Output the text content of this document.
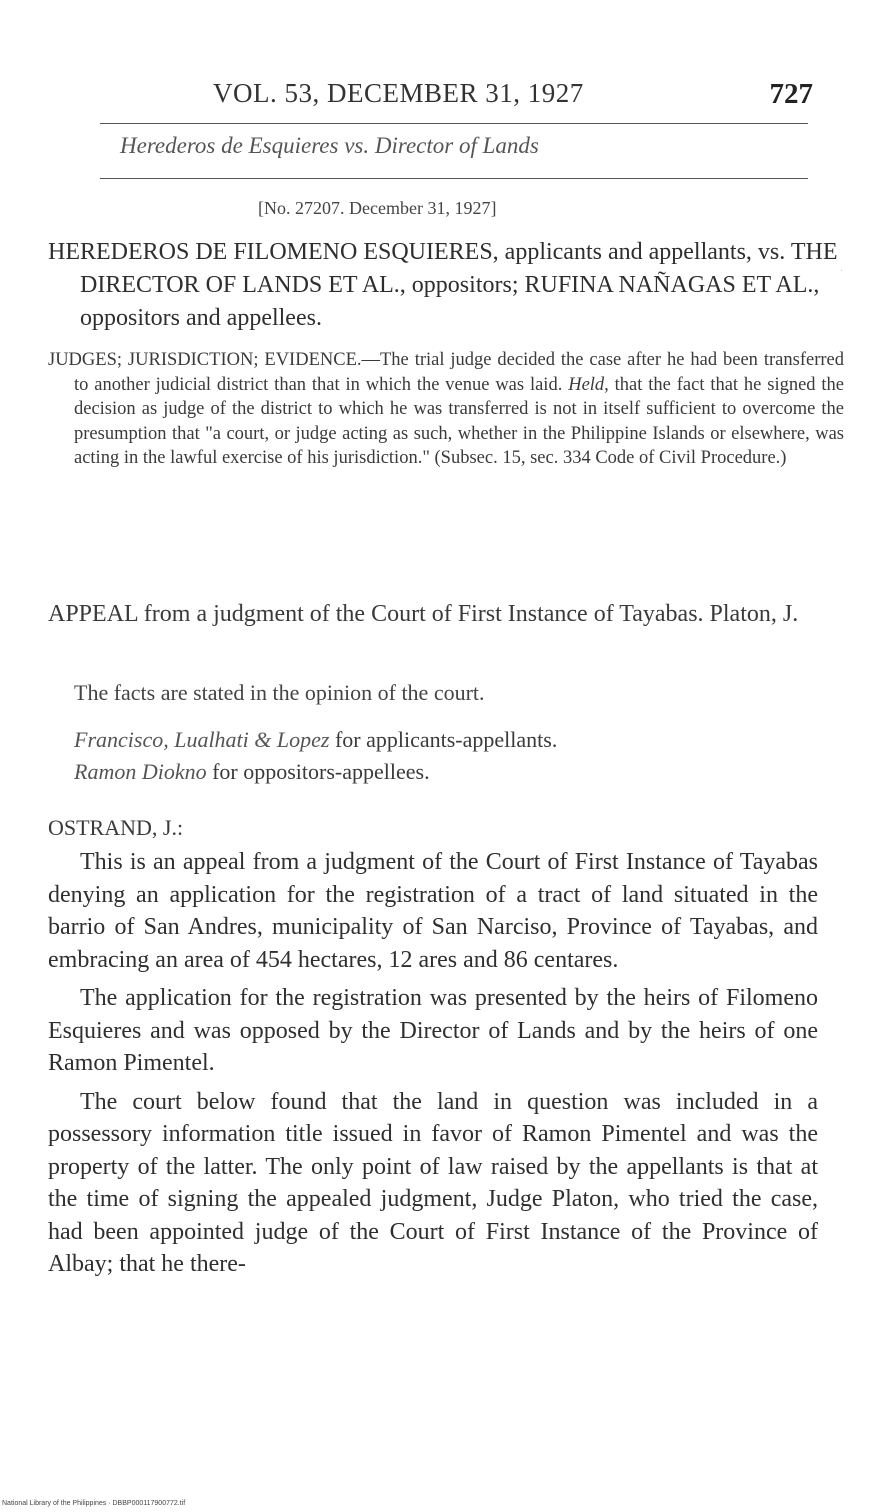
VOL. 53, DECEMBER 31, 1927	727
Herederos de Esquieres vs. Director of Lands
[No. 27207. December 31, 1927]
HEREDEROS DE FILOMENO ESQUIERES, applicants and appellants, vs. THE DIRECTOR OF LANDS ET AL., oppositors; RUFINA NAÑAGAS ET AL., oppositors and appellees.
·
JUDGES; JURISDICTION; EVIDENCE.—The trial judge decided the case after he had been transferred to another judicial district than that in which the venue was laid. Held, that the fact that he signed the decision as judge of the district to which he was transferred is not in itself sufficient to overcome the presumption that "a court, or judge acting as such, whether in the Philippine Islands or elsewhere, was acting in the lawful exercise of his jurisdiction." (Subsec. 15, sec. 334 Code of Civil Procedure.)
APPEAL from a judgment of the Court of First Instance of Tayabas. Platon, J.
The facts are stated in the opinion of the court.
Francisco, Lualhati & Lopez for applicants-appellants.
Ramon Diokno for oppositors-appellees.
OSTRAND, J.:

This is an appeal from a judgment of the Court of First Instance of Tayabas denying an application for the registration of a tract of land situated in the barrio of San Andres, municipality of San Narciso, Province of Tayabas, and embracing an area of 454 hectares, 12 ares and 86 centares.

The application for the registration was presented by the heirs of Filomeno Esquieres and was opposed by the Director of Lands and by the heirs of one Ramon Pimentel.

The court below found that the land in question was included in a possessory information title issued in favor of Ramon Pimentel and was the property of the latter. The only point of law raised by the appellants is that at the time of signing the appealed judgment, Judge Platon, who tried the case, had been appointed judge of the Court of First Instance of the Province of Albay; that he there-

National Library of the Philippines · DBBP000117900772.tif
